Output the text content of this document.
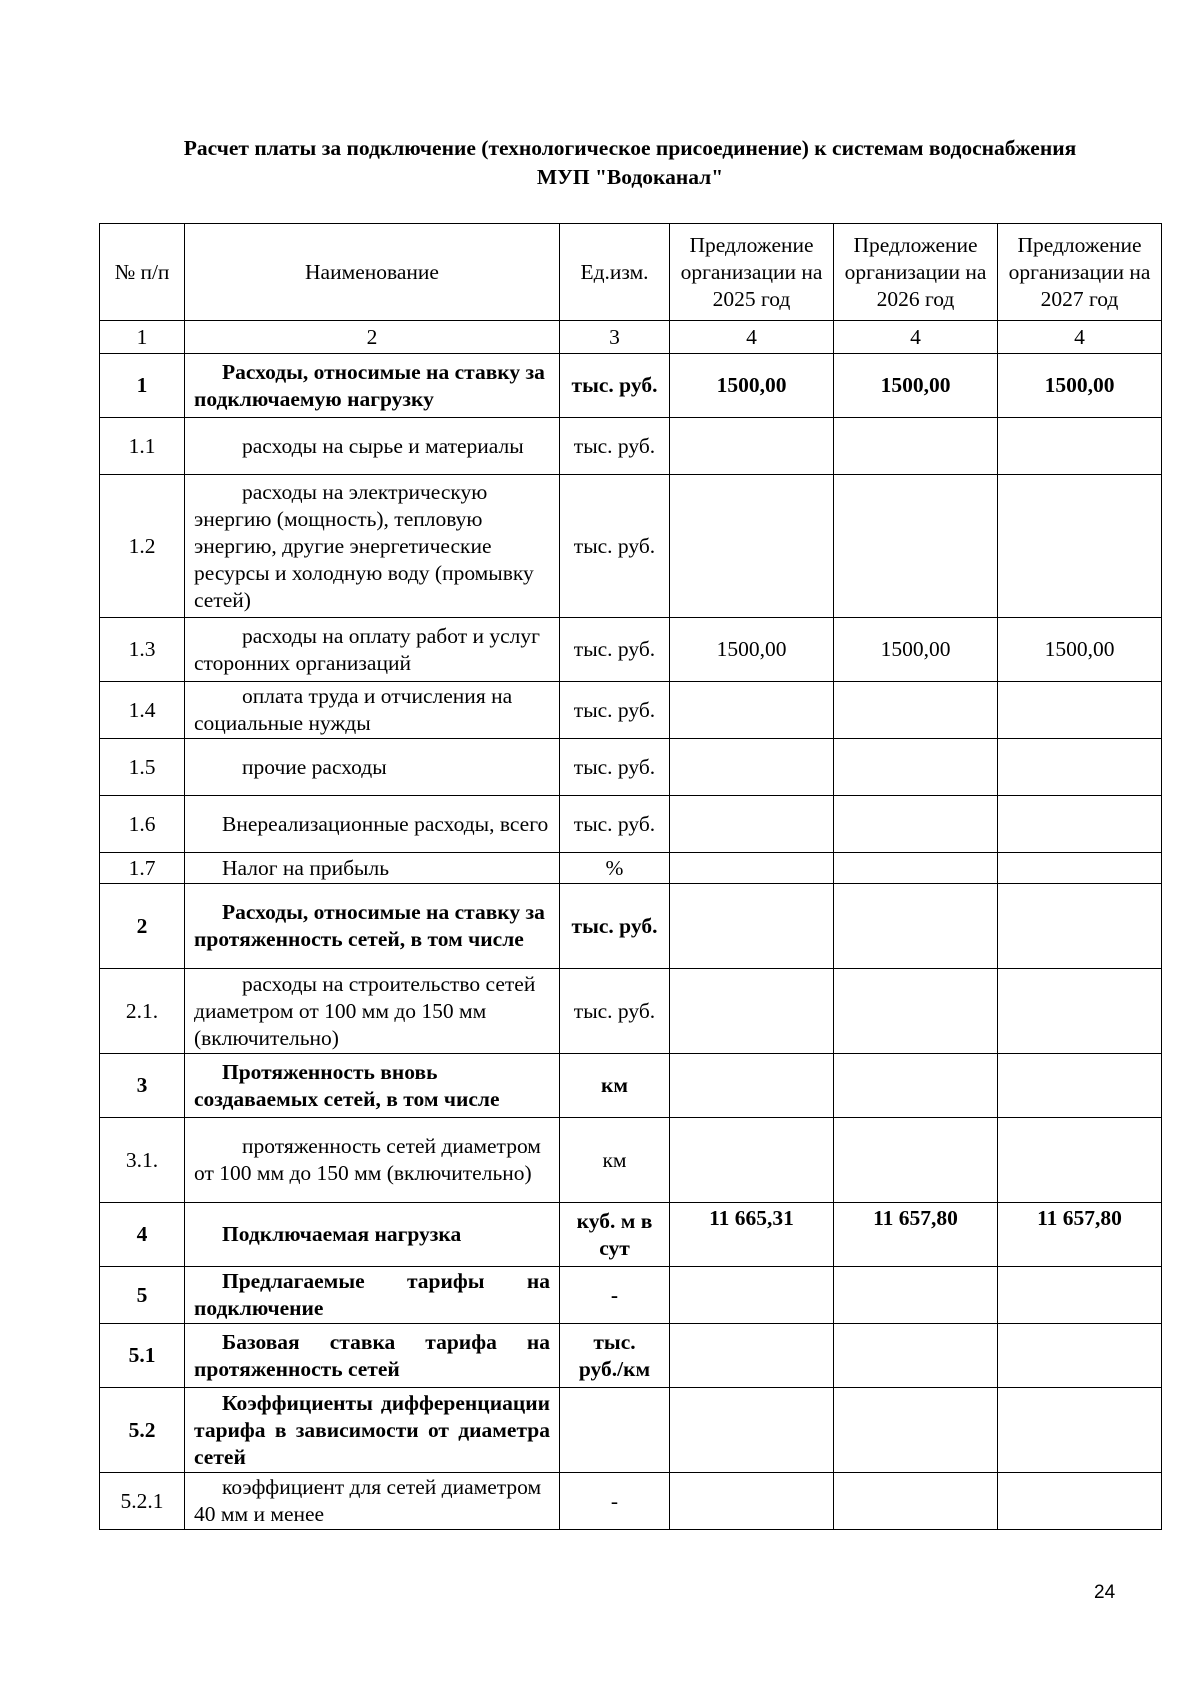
Расчет платы за подключение (технологическое присоединение) к системам водоснабжения
МУП "Водоканал"
№ п/п	Наименование	Ед.изм.	Предложение организации на 2025 год	Предложение организации на 2026 год	Предложение организации на 2027 год
1	2	3	4	4	4
1	Расходы, относимые на ставку за подключаемую нагрузку	тыс. руб.	1500,00	1500,00	1500,00
1.1	расходы на сырье и материалы	тыс. руб.			
1.2	расходы на электрическую энергию (мощность), тепловую энергию, другие энергетические ресурсы и холодную воду (промывку сетей)	тыс. руб.			
1.3	расходы на оплату работ и услуг сторонних организаций	тыс. руб.	1500,00	1500,00	1500,00
1.4	оплата труда и отчисления на социальные нужды	тыс. руб.			
1.5	прочие расходы	тыс. руб.			
1.6	Внереализационные расходы, всего	тыс. руб.			
1.7	Налог на прибыль	%			
2	Расходы, относимые на ставку за протяженность сетей, в том числе	тыс. руб.			
2.1.	расходы на строительство сетей диаметром от 100 мм до 150 мм (включительно)	тыс. руб.			
3	Протяженность вновь создаваемых сетей, в том числе	км			
3.1.	протяженность сетей диаметром от 100 мм до 150 мм (включительно)	км			
4	Подключаемая нагрузка	куб. м в сут	11 665,31	11 657,80	11 657,80
5	Предлагаемые тарифы на подключение	-			
5.1	Базовая ставка тарифа на протяженность сетей	тыс. руб./км			
5.2	Коэффициенты дифференциации тарифа в зависимости от диаметра сетей				
5.2.1	коэффициент для сетей диаметром 40 мм и менее	-			
24
